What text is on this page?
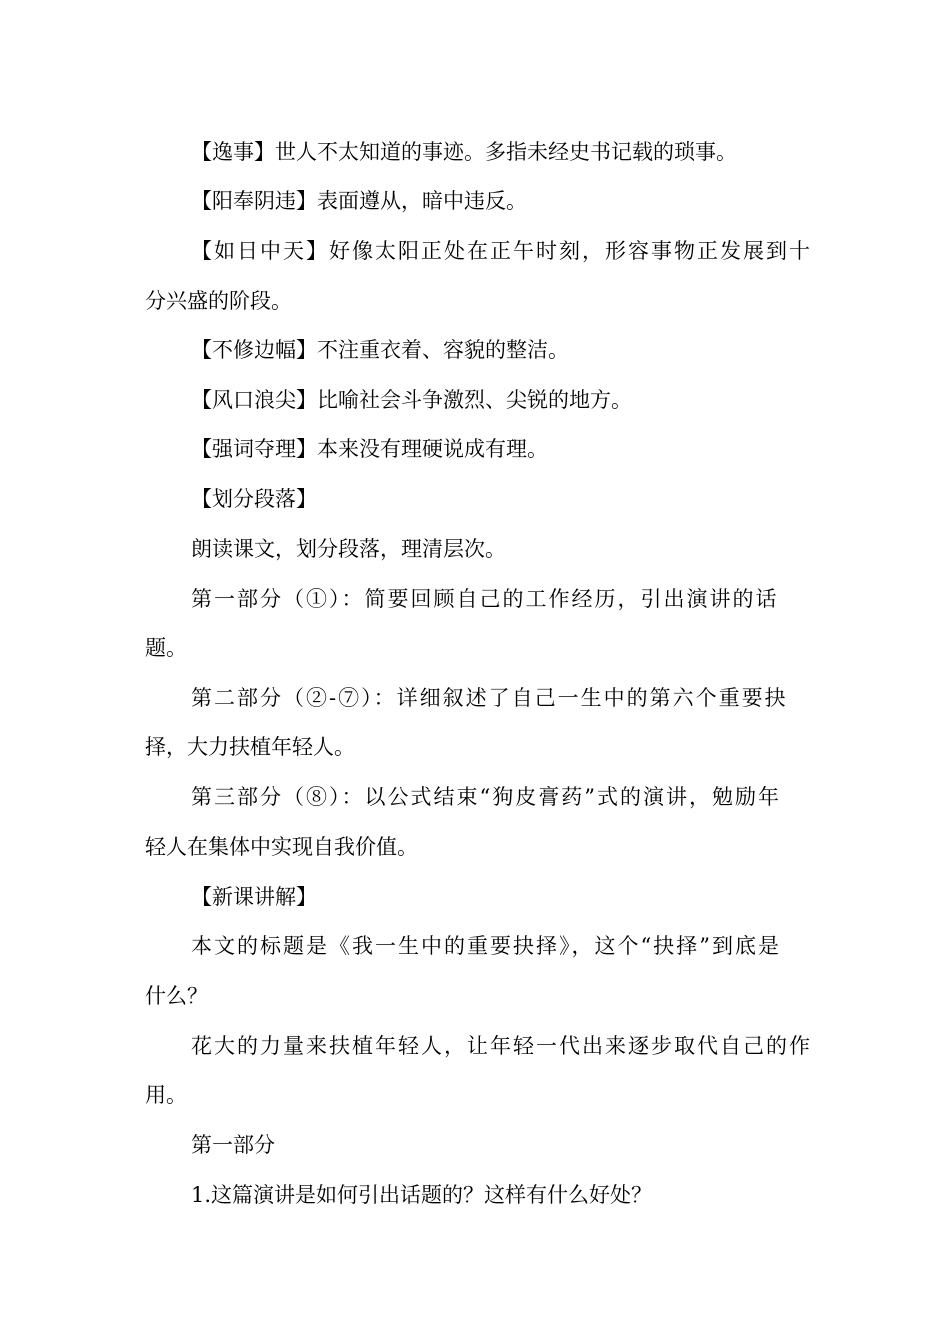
【逸事】世人不太知道的事迹。多指未经史书记载的琐事。
【阳奉阴违】表面遵从，暗中违反。
【如日中天】好像太阳正处在正午时刻，形容事物正发展到十
分兴盛的阶段。
【不修边幅】不注重衣着、容貌的整洁。
【风口浪尖】比喻社会斗争激烈、尖锐的地方。
【强词夺理】本来没有理硬说成有理。
【划分段落】
朗读课文，划分段落，理清层次。
第一部分（①）：简要回顾自己的工作经历，引出演讲的话
题。
第二部分（②-⑦）：详细叙述了自己一生中的第六个重要抉
择，大力扶植年轻人。
第三部分（⑧）：以公式结束“狗皮膏药”式的演讲，勉励年
轻人在集体中实现自我价值。
【新课讲解】
本文的标题是《我一生中的重要抉择》，这个“抉择”到底是
什么？
花大的力量来扶植年轻人，让年轻一代出来逐步取代自己的作
用。
第一部分
1.这篇演讲是如何引出话题的？这样有什么好处？
